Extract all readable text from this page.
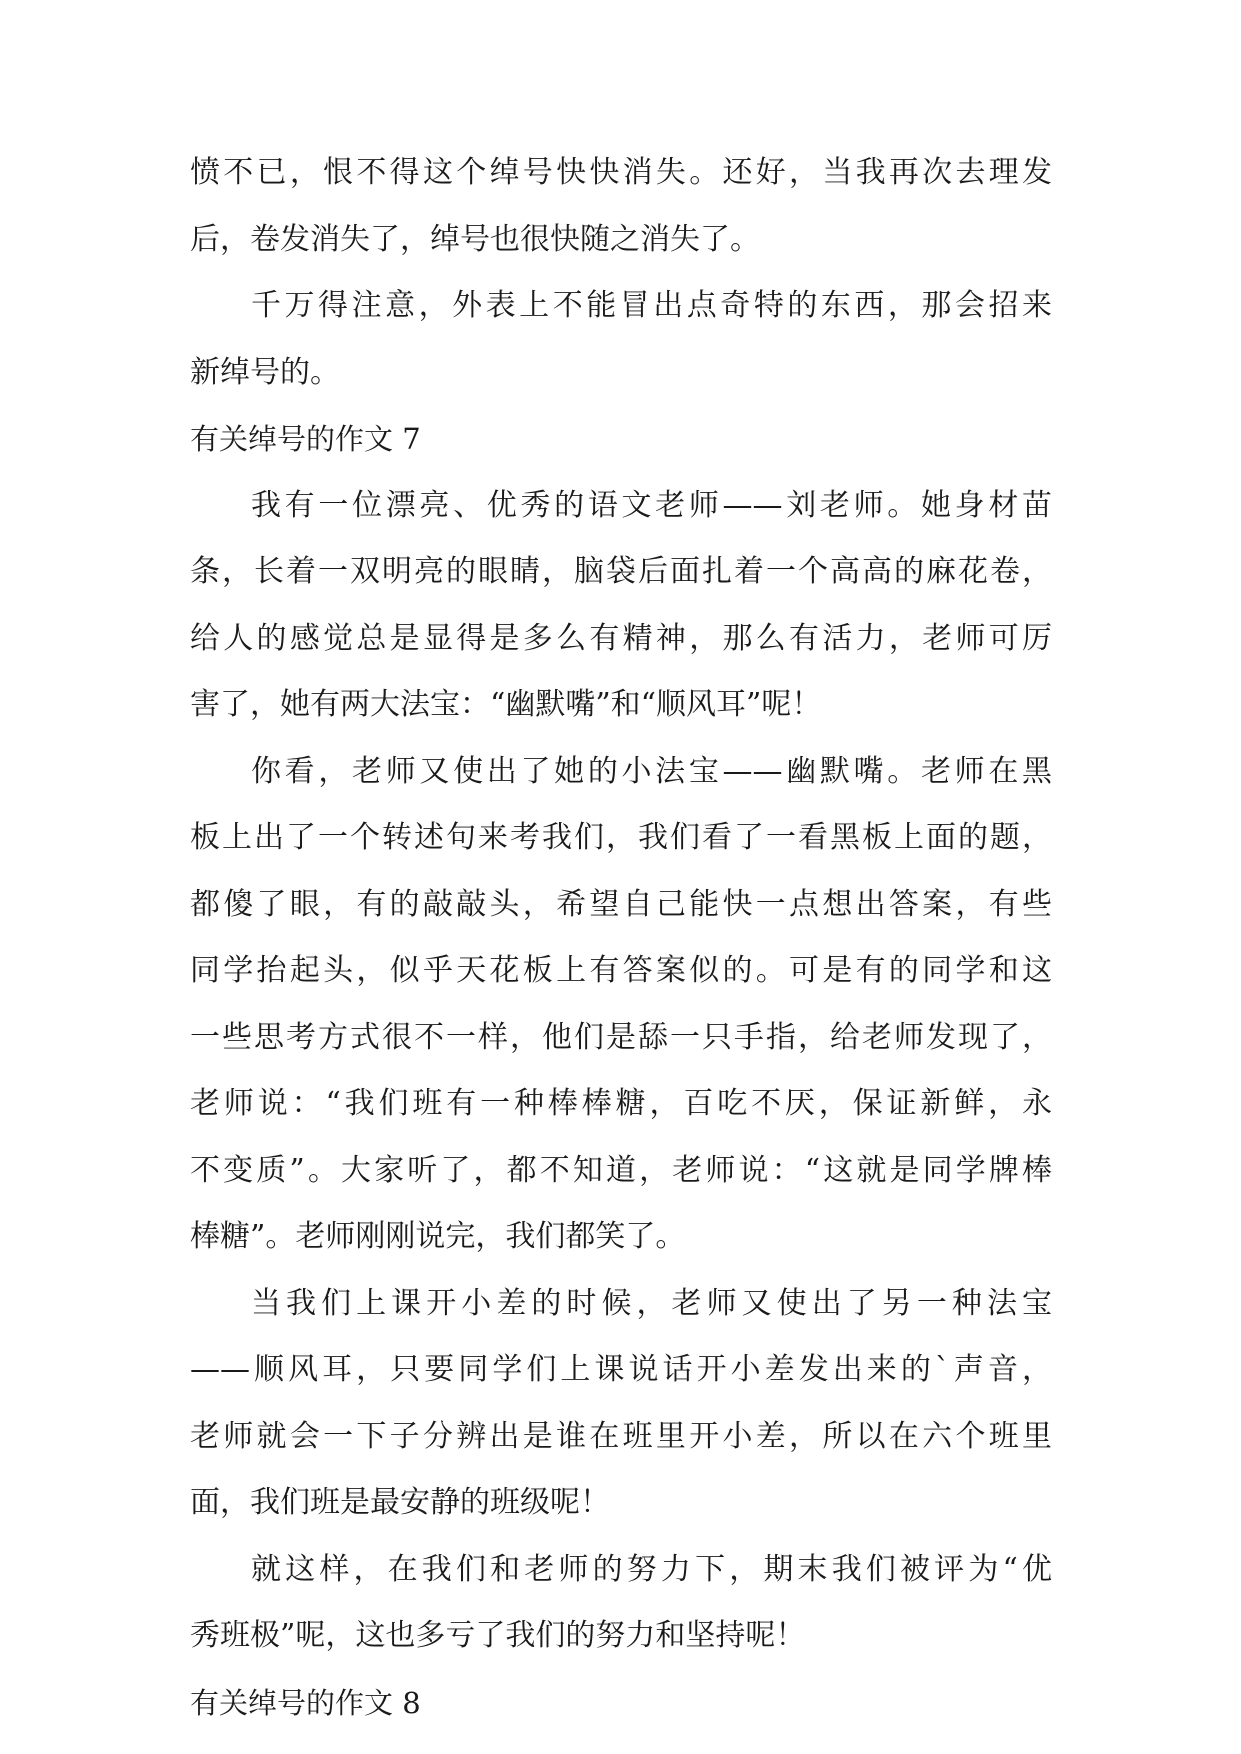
愤不已，恨不得这个绰号快快消失。还好，当我再次去理发
后，卷发消失了，绰号也很快随之消失了。
千万得注意，外表上不能冒出点奇特的东西，那会招来
新绰号的。
有关绰号的作文 7
我有一位漂亮、优秀的语文老师——刘老师。她身材苗
条，长着一双明亮的眼睛，脑袋后面扎着一个高高的麻花卷，
给人的感觉总是显得是多么有精神，那么有活力，老师可厉
害了，她有两大法宝：“幽默嘴”和“顺风耳”呢！
你看，老师又使出了她的小法宝——幽默嘴。老师在黑
板上出了一个转述句来考我们，我们看了一看黑板上面的题，
都傻了眼，有的敲敲头，希望自己能快一点想出答案，有些
同学抬起头，似乎天花板上有答案似的。可是有的同学和这
一些思考方式很不一样，他们是舔一只手指，给老师发现了，
老师说：“我们班有一种棒棒糖，百吃不厌，保证新鲜，永
不变质”。大家听了，都不知道，老师说：“这就是同学牌棒
棒糖”。老师刚刚说完，我们都笑了。
当我们上课开小差的时候，老师又使出了另一种法宝
——顺风耳，只要同学们上课说话开小差发出来的`声音，
老师就会一下子分辨出是谁在班里开小差，所以在六个班里
面，我们班是最安静的班级呢！
就这样，在我们和老师的努力下，期末我们被评为“优
秀班极”呢，这也多亏了我们的努力和坚持呢！
有关绰号的作文 8
